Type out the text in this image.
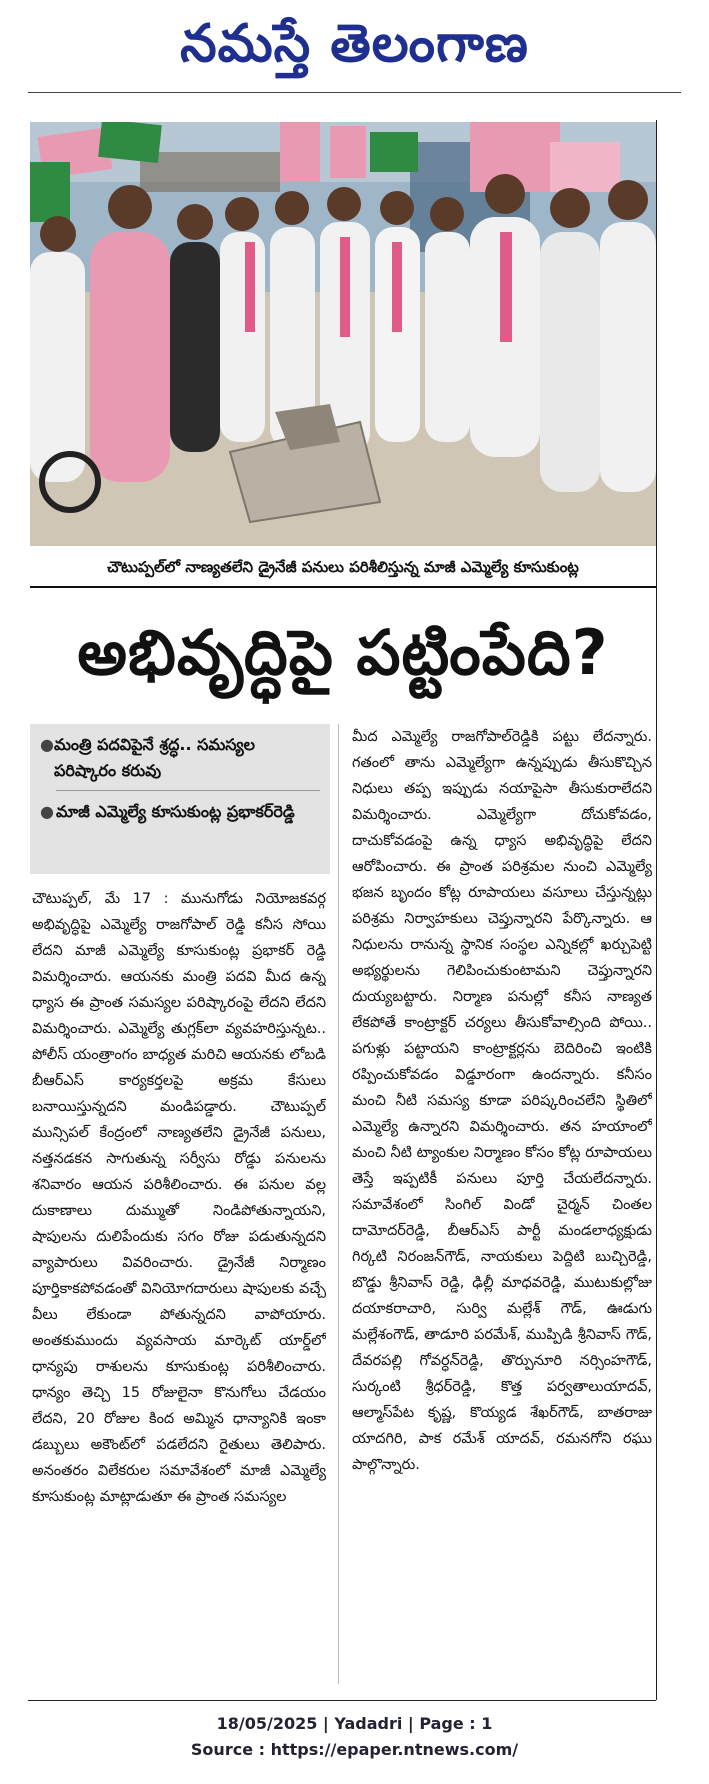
నమస్తే తెలంగాణ
చౌటుప్పల్‌లో నాణ్యతలేని డ్రైనేజీ పనులు పరిశీలిస్తున్న మాజీ ఎమ్మెల్యే కూసుకుంట్ల
అభివృద్ధిపై పట్టింపేది?
● మంత్రి పదవిపైనే శ్రద్ధ.. సమస్యల పరిష్కారం కరువు
● మాజీ ఎమ్మెల్యే కూసుకుంట్ల ప్రభాకర్‌రెడ్డి

చౌటుప్పల్‌, మే 17 : మునుగోడు నియోజకవర్గ అభివృద్ధిపై ఎమ్మెల్యే రాజగోపాల్‌ రెడ్డి కనీస సోయి లేదని మాజీ ఎమ్మెల్యే కూసుకుంట్ల ప్రభాకర్‌ రెడ్డి విమర్శించారు. ఆయనకు మంత్రి పదవి మీద ఉన్న ధ్యాస ఈ ప్రాంత సమస్యల పరిష్కారంపై లేదని లేదని విమర్శించారు. ఎమ్మెల్యే తుగ్లక్‌లా వ్యవహరిస్తున్నట.. పోలీస్‌ యంత్రాంగం బాధ్యత మరిచి ఆయనకు లోబడి బీఆర్‌ఎస్‌ కార్యకర్తలపై అక్రమ కేసులు బనాయిస్తున్నదని మండిపడ్డారు. చౌటుప్పల్‌ మున్సిపల్‌ కేంద్రంలో నాణ్యతలేని డ్రైనేజీ పనులు, నత్తనడకన సాగుతున్న సర్వీసు రోడ్డు పనులను శనివారం ఆయన పరిశీలించారు. ఈ పనుల వల్ల దుకాణాలు దుమ్ముతో నిండిపోతున్నాయని, షాపులను దులిపేందుకు సగం రోజు పడుతున్నదని వ్యాపారులు వివరించారు. డ్రైనేజీ నిర్మాణం పూర్తికాకపోవడంతో వినియోగదారులు షాపులకు వచ్చే వీలు లేకుండా పోతున్నదని వాపోయారు. అంతకుముందు వ్యవసాయ మార్కెట్‌ యార్డ్‌లో ధాన్యపు రాశులను కూసుకుంట్ల పరిశీలించారు. ధాన్యం తెచ్చి 15 రోజులైనా కొనుగోలు చేడయం లేదని, 20 రోజుల కింద అమ్మిన ధాన్యానికి ఇంకా డబ్బులు అకౌంట్‌లో పడలేదని రైతులు తెలిపారు. అనంతరం విలేకరుల సమావేశంలో మాజీ ఎమ్మెల్యే కూసుకుంట్ల మాట్లాడుతూ ఈ ప్రాంత సమస్యల

మీద ఎమ్మెల్యే రాజగోపాల్‌రెడ్డికి పట్టు లేదన్నారు. గతంలో తాను ఎమ్మెల్యేగా ఉన్నప్పుడు తీసుకొచ్చిన నిధులు తప్ప ఇప్పుడు నయాపైసా తీసుకురాలేదని విమర్శించారు. ఎమ్మెల్యేగా దోచుకోవడం, దాచుకోవడంపై ఉన్న ధ్యాస అభివృద్ధిపై లేదని ఆరోపించారు. ఈ ప్రాంత పరిశ్రమల నుంచి ఎమ్మెల్యే భజన బృందం కోట్ల రూపాయలు వసూలు చేస్తున్నట్లు పరిశ్రమ నిర్వాహకులు చెప్తున్నారని పేర్కొన్నారు. ఆ నిధులను రానున్న స్థానిక సంస్థల ఎన్నికల్లో ఖర్చుపెట్టి అభ్యర్థులను గెలిపించుకుంటామని చెప్తున్నారని దుయ్యబట్టారు. నిర్మాణ పనుల్లో కనీస నాణ్యత లేకపోతే కాంట్రాక్టర్‌ చర్యలు తీసుకోవాల్సింది పోయి.. పగుళ్లు పట్టాయని కాంట్రాక్టర్లను బెదిరించి ఇంటికి రప్పించుకోవడం విడ్డూరంగా ఉందన్నారు. కనీసం మంచి నీటి సమస్య కూడా పరిష్కరించలేని స్థితిలో ఎమ్మెల్యే ఉన్నారని విమర్శించారు. తన హయాంలో మంచి నీటి ట్యాంకుల నిర్మాణం కోసం కోట్ల రూపాయలు తెస్తే ఇప్పటికీ పనులు పూర్తి చేయలేదన్నారు. సమావేశంలో సింగిల్‌ విండో చైర్మన్‌ చింతల దామోదర్‌రెడ్డి, బీఆర్‌ఎస్‌ పార్టీ మండలాధ్యక్షుడు గిర్కటి నిరంజన్‌గౌడ్‌, నాయకులు పెద్దిటి బుచ్చిరెడ్డి, బొడ్డు శ్రీనివాస్‌ రెడ్డి, ఢిల్లీ మాధవరెడ్డి, ముటుకుల్లోజు దయాకరాచారి, సుర్వి మల్లేశ్‌ గౌడ్‌, ఊడుగు మల్లేశంగౌడ్‌, తాడూరి పరమేశ్‌, ముప్పిడి శ్రీనివాస్‌ గౌడ్‌, దేవరపల్లి గోవర్ధన్‌రెడ్డి, తొర్పునూరి నర్సింహగౌడ్‌, సుర్కంటి శ్రీధర్‌రెడ్డి, కొత్త పర్వతాలుయాదవ్‌, ఆల్మాస్‌పేట కృష్ణ, కొయ్యడ శేఖర్‌గౌడ్‌, బాతరాజు యాదగిరి, పాక రమేశ్‌ యాదవ్‌, రమనగోని రఘు పాల్గొన్నారు.

18/05/2025 | Yadadri | Page : 1
Source : https://epaper.ntnews.com/
